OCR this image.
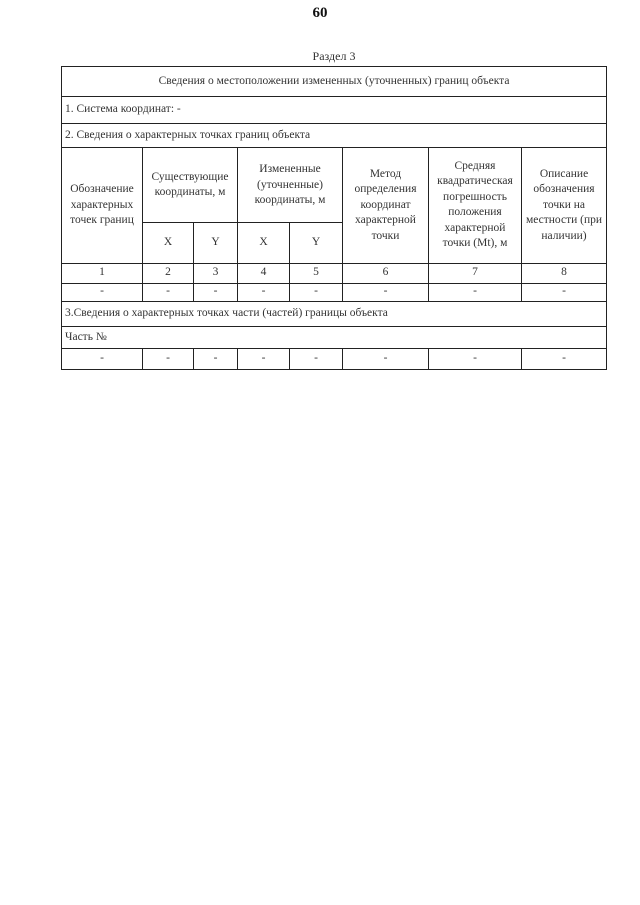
60
Раздел 3
Сведения о местоположении измененных (уточненных) границ объекта							
1. Система координат: -							
2. Сведения о характерных точках границ объекта							
Обозначение характерных точек границ	Существующие координаты, м		Измененные (уточненные) координаты, м		Метод определения координат характерной точки	Средняя квадратическая погрешность положения характерной точки (Mt), м	Описание обозначения точки на местности (при наличии)
	X	Y	X	Y			
1	2	3	4	5	6	7	8
-	-	-	-	-	-	-	-
3.Сведения о характерных точках части (частей) границы объекта							
Часть №							
-	-	-	-	-	-	-	-
